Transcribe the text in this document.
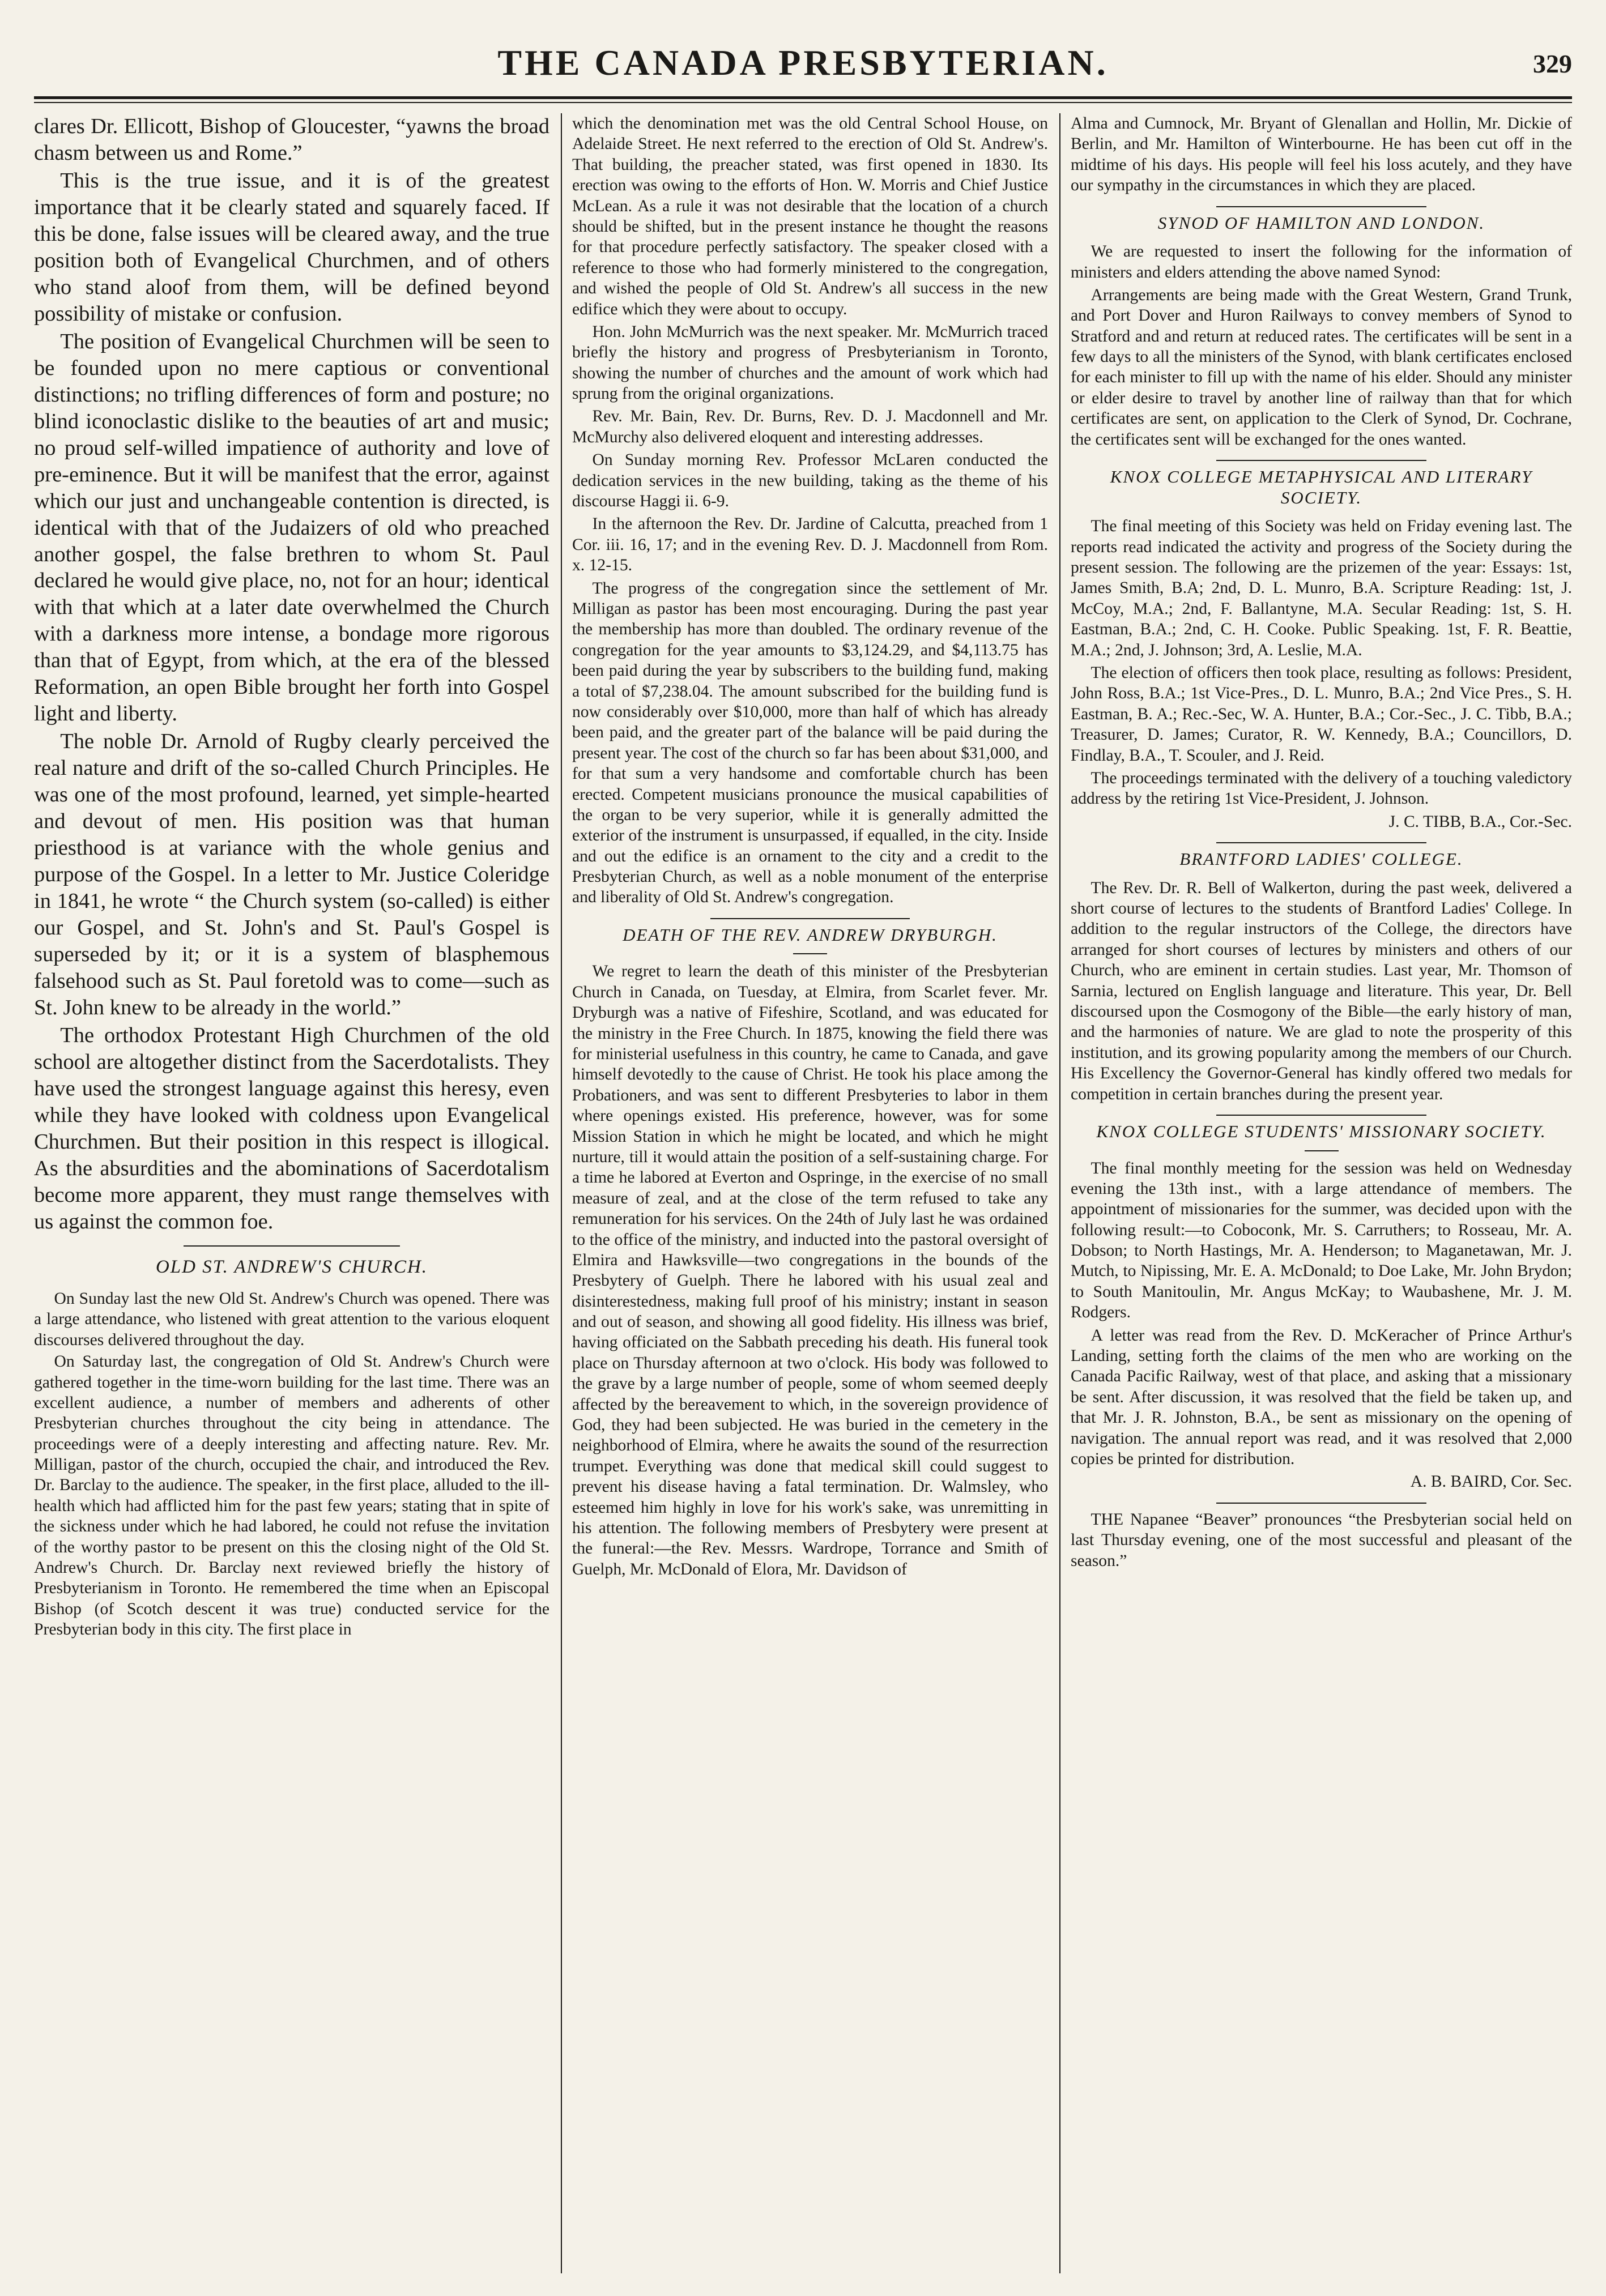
THE CANADA PRESBYTERIAN.	329

clares Dr. Ellicott, Bishop of Gloucester, “yawns the broad chasm between us and Rome.”

This is the true issue, and it is of the greatest importance that it be clearly stated and squarely faced. If this be done, false issues will be cleared away, and the true position both of Evangelical Churchmen, and of others who stand aloof from them, will be defined beyond possibility of mistake or confusion.

The position of Evangelical Churchmen will be seen to be founded upon no mere captious or conventional distinctions; no trifling differences of form and posture; no blind iconoclastic dislike to the beauties of art and music; no proud self-willed impatience of authority and love of pre-eminence. But it will be manifest that the error, against which our just and unchangeable contention is directed, is identical with that of the Judaizers of old who preached another gospel, the false brethren to whom St. Paul declared he would give place, no, not for an hour; identical with that which at a later date overwhelmed the Church with a darkness more intense, a bondage more rigorous than that of Egypt, from which, at the era of the blessed Reformation, an open Bible brought her forth into Gospel light and liberty.

The noble Dr. Arnold of Rugby clearly perceived the real nature and drift of the so-called Church Principles. He was one of the most profound, learned, yet simple-hearted and devout of men. His position was that human priesthood is at variance with the whole genius and purpose of the Gospel. In a letter to Mr. Justice Coleridge in 1841, he wrote “ the Church system (so-called) is either our Gospel, and St. John's and St. Paul's Gospel is superseded by it; or it is a system of blasphemous falsehood such as St. Paul foretold was to come—such as St. John knew to be already in the world.”

The orthodox Protestant High Churchmen of the old school are altogether distinct from the Sacerdotalists. They have used the strongest language against this heresy, even while they have looked with coldness upon Evangelical Churchmen. But their position in this respect is illogical. As the absurdities and the abominations of Sacerdotalism become more apparent, they must range themselves with us against the common foe.

OLD ST. ANDREW'S CHURCH.

On Sunday last the new Old St. Andrew's Church was opened. There was a large attendance, who listened with great attention to the various eloquent discourses delivered throughout the day.

On Saturday last, the congregation of Old St. Andrew's Church were gathered together in the time-worn building for the last time. There was an excellent audience, a number of members and adherents of other Presbyterian churches throughout the city being in attendance. The proceedings were of a deeply interesting and affecting nature. Rev. Mr. Milligan, pastor of the church, occupied the chair, and introduced the Rev. Dr. Barclay to the audience. The speaker, in the first place, alluded to the ill-health which had afflicted him for the past few years; stating that in spite of the sickness under which he had labored, he could not refuse the invitation of the worthy pastor to be present on this the closing night of the Old St. Andrew's Church. Dr. Barclay next reviewed briefly the history of Presbyterianism in Toronto. He remembered the time when an Episcopal Bishop (of Scotch descent it was true) conducted service for the Presbyterian body in this city. The first place in

which the denomination met was the old Central School House, on Adelaide Street. He next referred to the erection of Old St. Andrew's. That building, the preacher stated, was first opened in 1830. Its erection was owing to the efforts of Hon. W. Morris and Chief Justice McLean. As a rule it was not desirable that the location of a church should be shifted, but in the present instance he thought the reasons for that procedure perfectly satisfactory. The speaker closed with a reference to those who had formerly ministered to the congregation, and wished the people of Old St. Andrew's all success in the new edifice which they were about to occupy.

Hon. John McMurrich was the next speaker. Mr. McMurrich traced briefly the history and progress of Presbyterianism in Toronto, showing the number of churches and the amount of work which had sprung from the original organizations.

Rev. Mr. Bain, Rev. Dr. Burns, Rev. D. J. Macdonnell and Mr. McMurchy also delivered eloquent and interesting addresses.

On Sunday morning Rev. Professor McLaren conducted the dedication services in the new building, taking as the theme of his discourse Haggi ii. 6-9.

In the afternoon the Rev. Dr. Jardine of Calcutta, preached from 1 Cor. iii. 16, 17; and in the evening Rev. D. J. Macdonnell from Rom. x. 12-15.

The progress of the congregation since the settlement of Mr. Milligan as pastor has been most encouraging. During the past year the membership has more than doubled. The ordinary revenue of the congregation for the year amounts to $3,124.29, and $4,113.75 has been paid during the year by subscribers to the building fund, making a total of $7,238.04. The amount subscribed for the building fund is now considerably over $10,000, more than half of which has already been paid, and the greater part of the balance will be paid during the present year. The cost of the church so far has been about $31,000, and for that sum a very handsome and comfortable church has been erected. Competent musicians pronounce the musical capabilities of the organ to be very superior, while it is generally admitted the exterior of the instrument is unsurpassed, if equalled, in the city. Inside and out the edifice is an ornament to the city and a credit to the Presbyterian Church, as well as a noble monument of the enterprise and liberality of Old St. Andrew's congregation.

DEATH OF THE REV. ANDREW DRYBURGH.

We regret to learn the death of this minister of the Presbyterian Church in Canada, on Tuesday, at Elmira, from Scarlet fever. Mr. Dryburgh was a native of Fifeshire, Scotland, and was educated for the ministry in the Free Church. In 1875, knowing the field there was for ministerial usefulness in this country, he came to Canada, and gave himself devotedly to the cause of Christ. He took his place among the Probationers, and was sent to different Presbyteries to labor in them where openings existed. His preference, however, was for some Mission Station in which he might be located, and which he might nurture, till it would attain the position of a self-sustaining charge. For a time he labored at Everton and Ospringe, in the exercise of no small measure of zeal, and at the close of the term refused to take any remuneration for his services. On the 24th of July last he was ordained to the office of the ministry, and inducted into the pastoral oversight of Elmira and Hawksville—two congregations in the bounds of the Presbytery of Guelph. There he labored with his usual zeal and disinterestedness, making full proof of his ministry; instant in season and out of season, and showing all good fidelity. His illness was brief, having officiated on the Sabbath preceding his death. His funeral took place on Thursday afternoon at two o'clock. His body was followed to the grave by a large number of people, some of whom seemed deeply affected by the bereavement to which, in the sovereign providence of God, they had been subjected. He was buried in the cemetery in the neighborhood of Elmira, where he awaits the sound of the resurrection trumpet. Everything was done that medical skill could suggest to prevent his disease having a fatal termination. Dr. Walmsley, who esteemed him highly in love for his work's sake, was unremitting in his attention. The following members of Presbytery were present at the funeral:—the Rev. Messrs. Wardrope, Torrance and Smith of Guelph, Mr. McDonald of Elora, Mr. Davidson of

Alma and Cumnock, Mr. Bryant of Glenallan and Hollin, Mr. Dickie of Berlin, and Mr. Hamilton of Winterbourne. He has been cut off in the midtime of his days. His people will feel his loss acutely, and they have our sympathy in the circumstances in which they are placed.

SYNOD OF HAMILTON AND LONDON.

We are requested to insert the following for the information of ministers and elders attending the above named Synod:

Arrangements are being made with the Great Western, Grand Trunk, and Port Dover and Huron Railways to convey members of Synod to Stratford and and return at reduced rates. The certificates will be sent in a few days to all the ministers of the Synod, with blank certificates enclosed for each minister to fill up with the name of his elder. Should any minister or elder desire to travel by another line of railway than that for which certificates are sent, on application to the Clerk of Synod, Dr. Cochrane, the certificates sent will be exchanged for the ones wanted.

KNOX COLLEGE METAPHYSICAL AND LITERARY SOCIETY.

The final meeting of this Society was held on Friday evening last. The reports read indicated the activity and progress of the Society during the present session. The following are the prizemen of the year: Essays: 1st, James Smith, B.A; 2nd, D. L. Munro, B.A. Scripture Reading: 1st, J. McCoy, M.A.; 2nd, F. Ballantyne, M.A. Secular Reading: 1st, S. H. Eastman, B.A.; 2nd, C. H. Cooke. Public Speaking. 1st, F. R. Beattie, M.A.; 2nd, J. Johnson; 3rd, A. Leslie, M.A.

The election of officers then took place, resulting as follows: President, John Ross, B.A.; 1st Vice-Pres., D. L. Munro, B.A.; 2nd Vice Pres., S. H. Eastman, B. A.; Rec.-Sec, W. A. Hunter, B.A.; Cor.-Sec., J. C. Tibb, B.A.; Treasurer, D. James; Curator, R. W. Kennedy, B.A.; Councillors, D. Findlay, B.A., T. Scouler, and J. Reid.

The proceedings terminated with the delivery of a touching valedictory address by the retiring 1st Vice-President, J. Johnson.

J. C. TIBB, B.A., Cor.-Sec.

BRANTFORD LADIES' COLLEGE.

The Rev. Dr. R. Bell of Walkerton, during the past week, delivered a short course of lectures to the students of Brantford Ladies' College. In addition to the regular instructors of the College, the directors have arranged for short courses of lectures by ministers and others of our Church, who are eminent in certain studies. Last year, Mr. Thomson of Sarnia, lectured on English language and literature. This year, Dr. Bell discoursed upon the Cosmogony of the Bible—the early history of man, and the harmonies of nature. We are glad to note the prosperity of this institution, and its growing popularity among the members of our Church. His Excellency the Governor-General has kindly offered two medals for competition in certain branches during the present year.

KNOX COLLEGE STUDENTS' MISSIONARY SOCIETY.

The final monthly meeting for the session was held on Wednesday evening the 13th inst., with a large attendance of members. The appointment of missionaries for the summer, was decided upon with the following result:—to Coboconk, Mr. S. Carruthers; to Rosseau, Mr. A. Dobson; to North Hastings, Mr. A. Henderson; to Maganetawan, Mr. J. Mutch, to Nipissing, Mr. E. A. McDonald; to Doe Lake, Mr. John Brydon; to South Manitoulin, Mr. Angus McKay; to Waubashene, Mr. J. M. Rodgers.

A letter was read from the Rev. D. McKeracher of Prince Arthur's Landing, setting forth the claims of the men who are working on the Canada Pacific Railway, west of that place, and asking that a missionary be sent. After discussion, it was resolved that the field be taken up, and that Mr. J. R. Johnston, B.A., be sent as missionary on the opening of navigation. The annual report was read, and it was resolved that 2,000 copies be printed for distribution.

A. B. BAIRD, Cor. Sec.

THE Napanee “Beaver” pronounces “the Presbyterian social held on last Thursday evening, one of the most successful and pleasant of the season.”
